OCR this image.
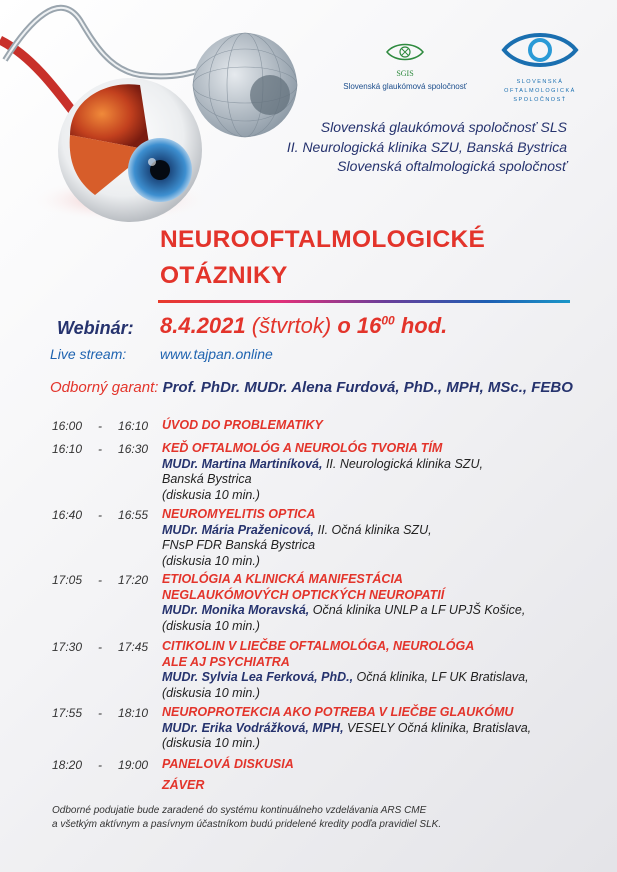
SGIS
Slovenská glaukómová spoločnosť	SLOVENSKÁ
OFTALMOLOGICKÁ
SPOLOČNOSŤ
Slovenská glaukómová spoločnosť SLS
II. Neurologická klinika SZU, Banská Bystrica
Slovenská oftalmologická spoločnosť
NEUROOFTALMOLOGICKÉ
OTÁZNIKY
Webinár: 8.4.2021 (štvrtok) o $16^{00}$ hod.
Live stream: www.tajpan.online
Odborný garant: Prof. PhDr. MUDr. Alena Furdová, PhD., MPH, MSc., FEBO
16:00 - 16:10 ÚVOD DO PROBLEMATIKY
16:10 - 16:30 KEĎ OFTALMOLÓG A NEUROLÓG TVORIA TÍM
MUDr. Martina Martiníková, II. Neurologická klinika SZU,
Banská Bystrica
(diskusia 10 min.)
16:40 - 16:55 NEUROMYELITIS OPTICA
MUDr. Mária Praženicová, II. Očná klinika SZU,
FNsP FDR Banská Bystrica
(diskusia 10 min.)
17:05 - 17:20 ETIOLÓGIA A KLINICKÁ MANIFESTÁCIA
NEGLAUKÓMOVÝCH OPTICKÝCH NEUROPATIÍ
MUDr. Monika Moravská, Očná klinika UNLP a LF UPJŠ Košice,
(diskusia 10 min.)
17:30 - 17:45 CITIKOLIN V LIEČBE OFTALMOLÓGA, NEUROLÓGA
ALE AJ PSYCHIATRA
MUDr. Sylvia Lea Ferková, PhD., Očná klinika, LF UK Bratislava,
(diskusia 10 min.)
17:55 - 18:10 NEUROPROTEKCIA AKO POTREBA V LIEČBE GLAUKÓMU
MUDr. Erika Vodrážková, MPH, VESELY Očná klinika, Bratislava,
(diskusia 10 min.)
18:20 - 19:00 PANELOVÁ DISKUSIA
ZÁVER
Odborné podujatie bude zaradené do systému kontinuálneho vzdelávania ARS CME
a všetkým aktívnym a pasívnym účastníkom budú pridelené kredity podľa pravidiel SLK.
